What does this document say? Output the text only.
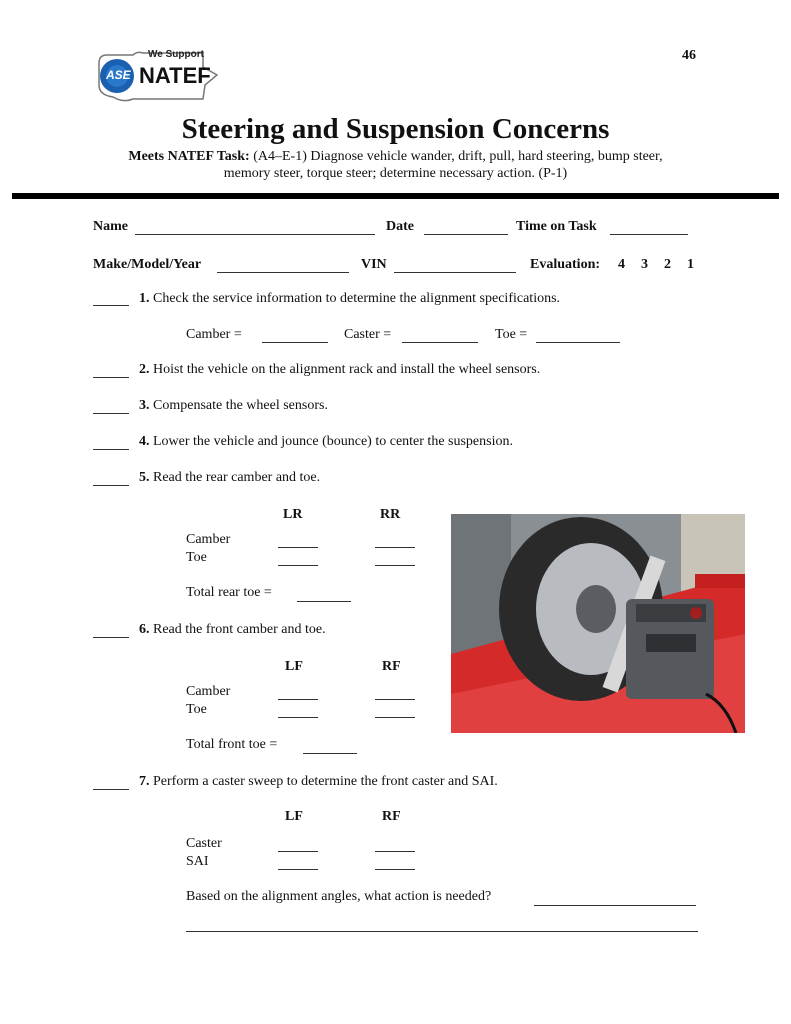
ASE
We Support
NATEF
46
Steering and Suspension Concerns
Meets NATEF Task: (A4–E-1) Diagnose vehicle wander, drift, pull, hard steering, bump steer,
memory steer, torque steer; determine necessary action. (P-1)
Name	Date	Time on Task
Make/Model/Year	VIN	Evaluation: 4 3 2 1
1. Check the service information to determine the alignment specifications.
Camber =	Caster =	Toe =
2. Hoist the vehicle on the alignment rack and install the wheel sensors.
3. Compensate the wheel sensors.
4. Lower the vehicle and jounce (bounce) to center the suspension.
5. Read the rear camber and toe.
LR	RR
Camber
Toe
Total rear toe =
6. Read the front camber and toe.
LF	RF
Camber
Toe
Total front toe =
7. Perform a caster sweep to determine the front caster and SAI.
LF	RF
Caster
SAI
Based on the alignment angles, what action is needed?
